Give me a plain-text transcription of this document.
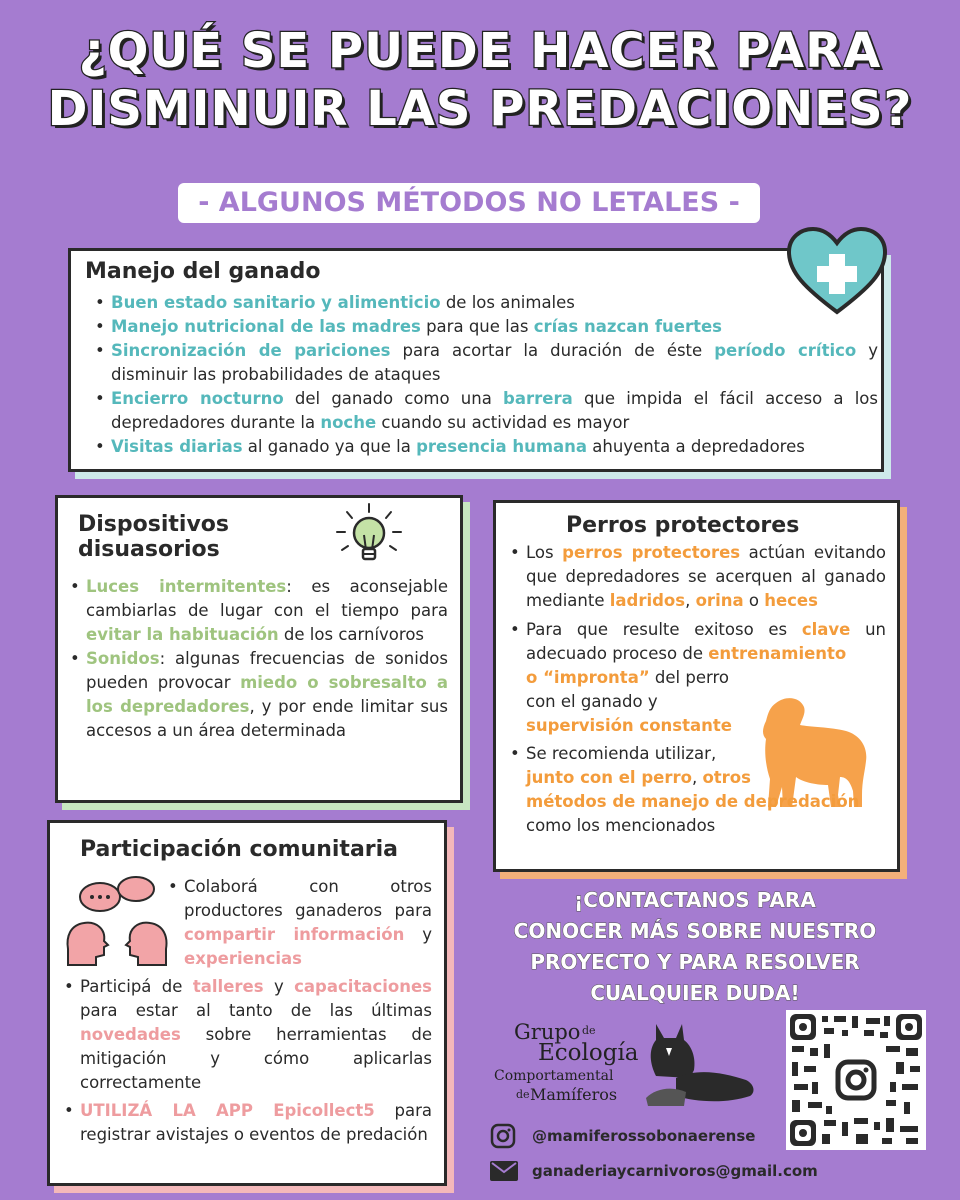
¿QUÉ SE PUEDE HACER PARA
DISMINUIR LAS PREDACIONES?
- ALGUNOS MÉTODOS NO LETALES -
Manejo del ganado
• Buen estado sanitario y alimenticio de los animales
• Manejo nutricional de las madres para que las crías nazcan fuertes
• Sincronización de pariciones para acortar la duración de éste período crítico y disminuir las probabilidades de ataques
• Encierro nocturno del ganado como una barrera que impida el fácil acceso a los depredadores durante la noche cuando su actividad es mayor
• Visitas diarias al ganado ya que la presencia humana ahuyenta a depredadores
Dispositivos
disuasorios
• Luces intermitentes: es aconsejable cambiarlas de lugar con el tiempo para evitar la habituación de los carnívoros
• Sonidos: algunas frecuencias de sonidos pueden provocar miedo o sobresalto a los depredadores, y por ende limitar sus accesos a un área determinada
Perros protectores
• Los perros protectores actúan evitando que depredadores se acerquen al ganado mediante ladridos, orina o heces
• Para que resulte exitoso es clave un adecuado proceso de entrenamiento
o “impronta” del perro
con el ganado y
supervisión constante
• Se recomienda utilizar,
junto con el perro, otros
métodos de manejo de depredación
como los mencionados
Participación comunitaria
• Colaborá con otros productores ganaderos para compartir información y experiencias
• Participá de talleres y capacitaciones para estar al tanto de las últimas novedades sobre herramientas de mitigación y cómo aplicarlas correctamente
• UTILIZÁ LA APP Epicollect5 para registrar avistajes o eventos de predación
¡CONTACTANOS PARA
CONOCER MÁS SOBRE NUESTRO
PROYECTO Y PARA RESOLVER
CUALQUIER DUDA!
Grupo de
Ecología
Comportamental
de Mamíferos
@mamiferossobonaerense
ganaderiaycarnivoros@gmail.com
